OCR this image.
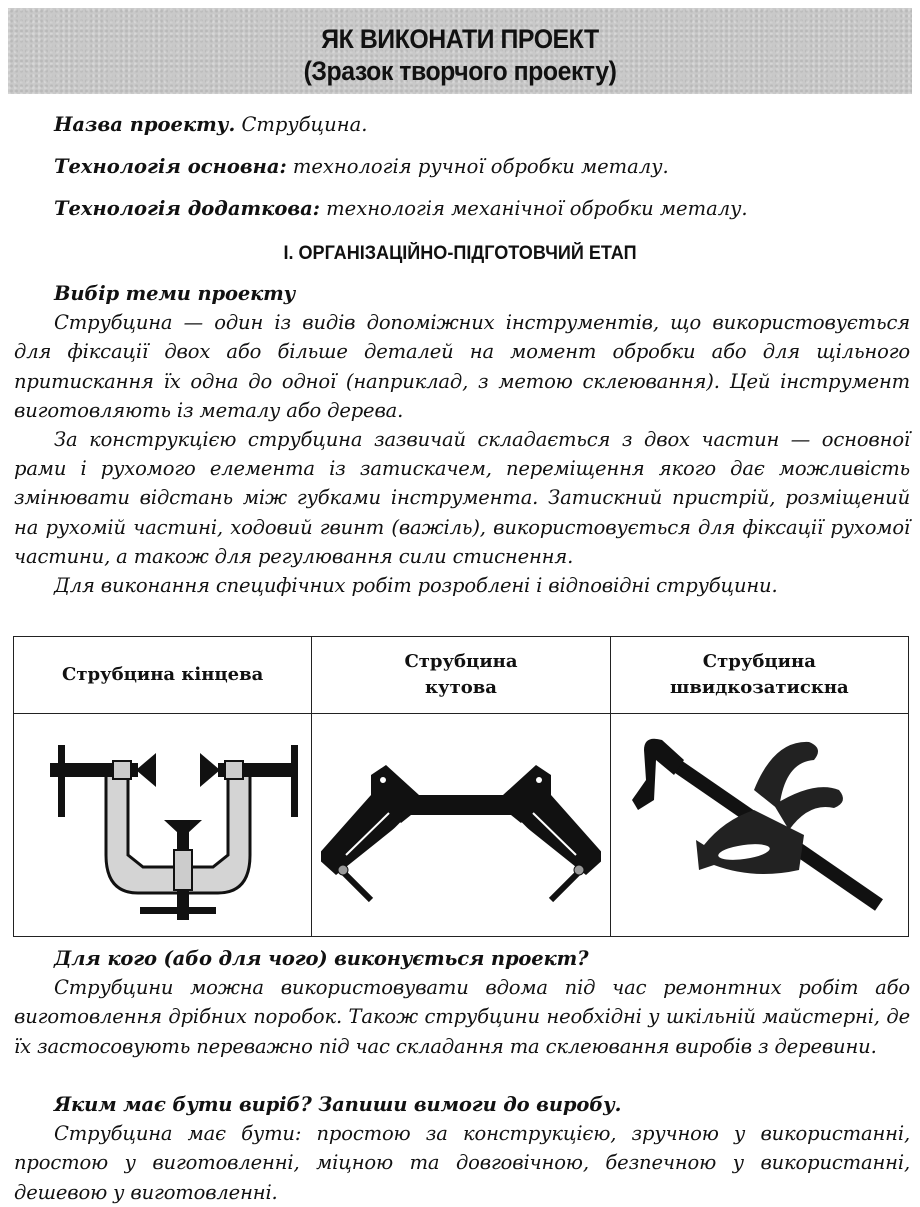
ЯК ВИКОНАТИ ПРОЕКТ
(Зразок творчого проекту)
Назва проекту. Струбцина.
Технологія основна: технологія ручної обробки металу.
Технологія додаткова: технологія механічної обробки металу.
І. ОРГАНІЗАЦІЙНО-ПІДГОТОВЧИЙ ЕТАП
Вибір теми проекту
Струбцина — один із видів допоміжних інструментів, що використовується для фіксації двох або більше деталей на момент обробки або для щільного притискання їх одна до одної (наприклад, з метою склеювання). Цей інструмент виготовляють із металу або дерева.
За конструкцією струбцина зазвичай складається з двох частин — основної рами і рухомого елемента із затискачем, переміщення якого дає можливість змінювати відстань між губками інструмента. Затискний пристрій, розміщений на рухомій частині, ходовий гвинт (важіль), використовується для фіксації рухомої частини, а також для регулювання сили стиснення.
Для виконання специфічних робіт розроблені і відповідні струбцини.
Струбцина кінцева	Струбцина кутова	Струбцина швидкозатискна

Для кого (або для чого) виконується проект?
Струбцини можна використовувати вдома під час ремонтних робіт або виготовлення дрібних поробок. Також струбцини необхідні у шкільній майстерні, де їх застосовують переважно під час складання та склеювання виробів з деревини.
Яким має бути виріб? Запиши вимоги до виробу.
Струбцина має бути: простою за конструкцією, зручною у використанні, простою у виготовленні, міцною та довговічною, безпечною у використанні, дешевою у виготовленні.
